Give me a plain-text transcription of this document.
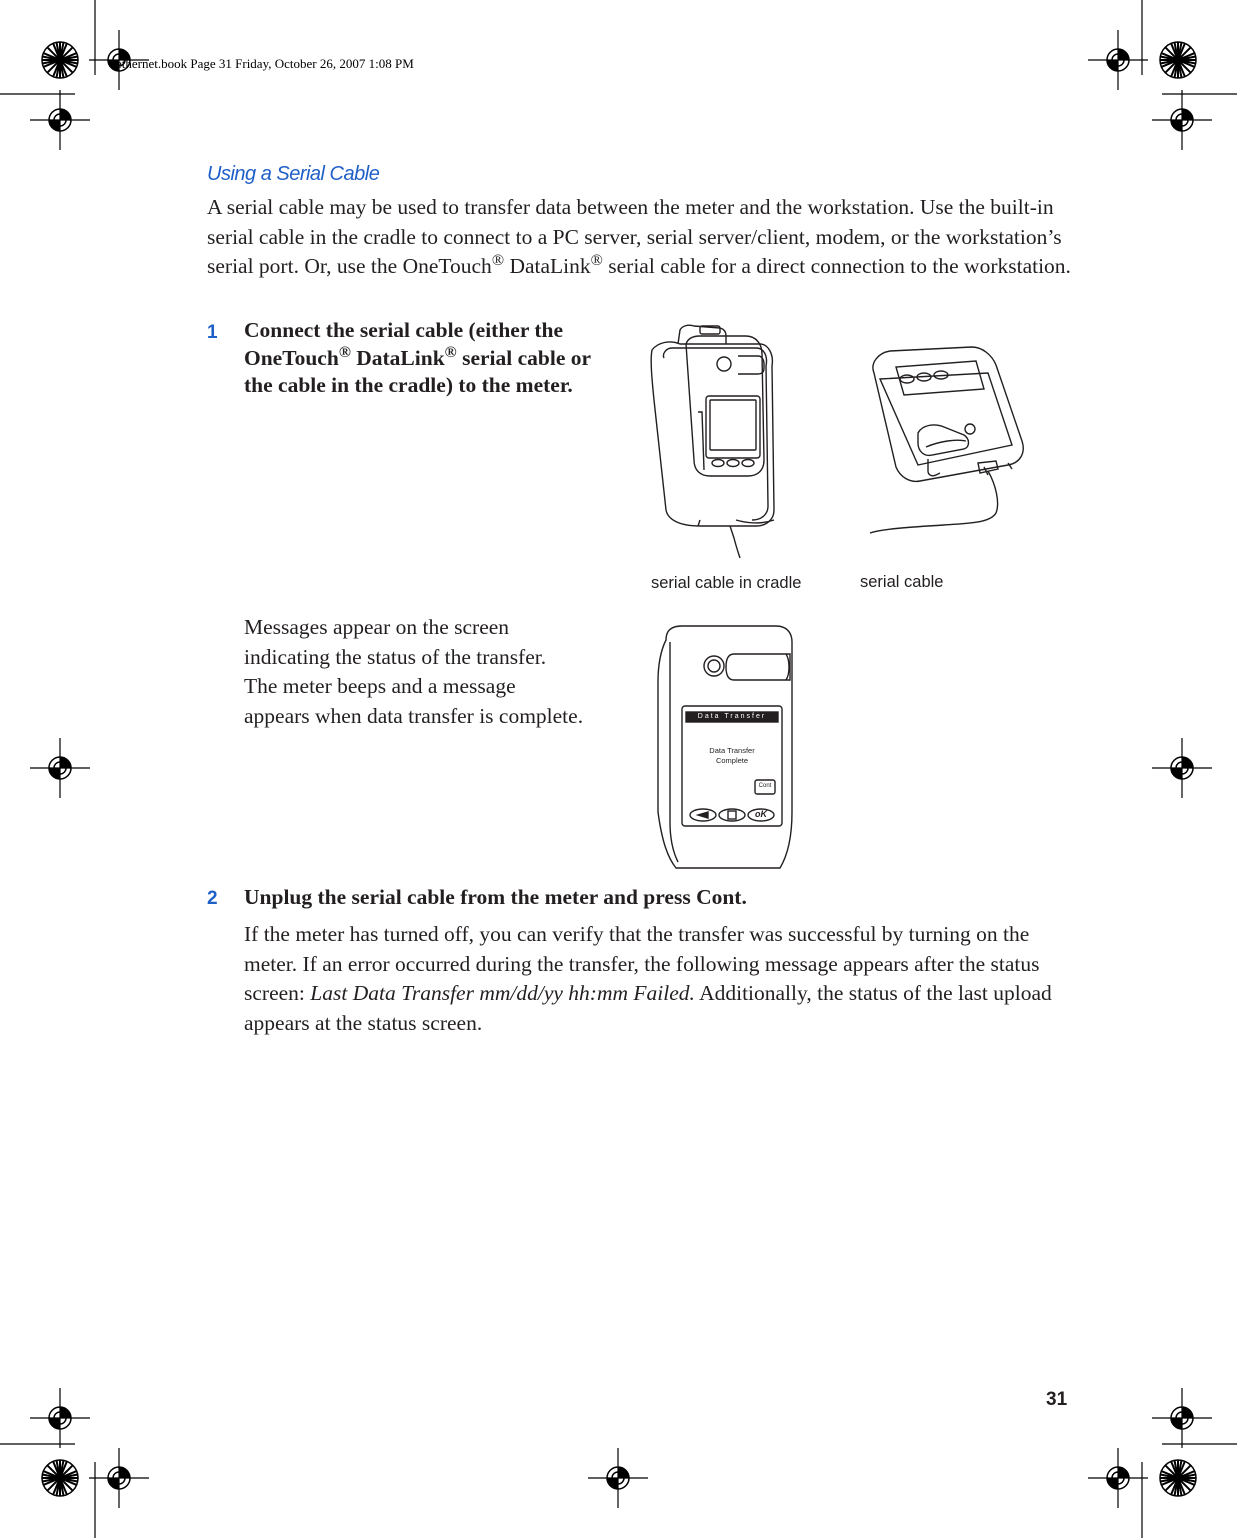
ethernet.book Page 31 Friday, October 26, 2007 1:08 PM
Using a Serial Cable

A serial cable may be used to transfer data between the meter and the workstation. Use the built-in serial cable in the cradle to connect to a PC server, serial server/client, modem, or the workstation’s serial port. Or, use the OneTouch® DataLink® serial cable for a direct connection to the workstation.

1 Connect the serial cable (either the OneTouch® DataLink® serial cable or the cable in the cradle) to the meter.

serial cable in cradle	serial cable

Messages appear on the screen indicating the status of the transfer. The meter beeps and a message appears when data transfer is complete.	Data Transfer
Data Transfer
Complete
Cont
oK
2 Unplug the serial cable from the meter and press Cont.

If the meter has turned off, you can verify that the transfer was successful by turning on the meter. If an error occurred during the transfer, the following message appears after the status screen: Last Data Transfer mm/dd/yy hh:mm Failed. Additionally, the status of the last upload appears at the status screen.

31
